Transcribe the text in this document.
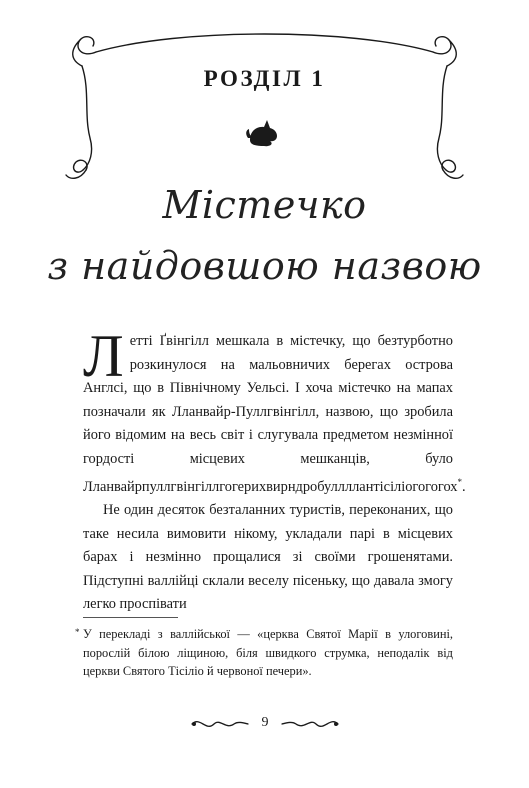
РОЗДІЛ 1
Містечко
з найдовшою назвою

Летті Ґвінгілл мешкала в містечку, що безтурботно розкинулося на мальовничих берегах острова Англсі, що в Північному Уельсі. І хоча містечко на мапах позначали як Лланвайр-Пуллгвінгілл, назвою, що зробила його відомим на весь світ і слугувала предметом незмінної гордості місцевих мешканців, було Лланвайрпуллгвінгіллгогерихвирндробуллллантісіліогогогох*.

Не один десяток безталанних туристів, переконаних, що таке несила вимовити нікому, укладали парі в місцевих барах і незмінно прощалися зі своїми грошенятами. Підступні валлійці склали веселу пісеньку, що давала змогу легко проспівати

* У перекладі з валлійської — «церква Святої Марії в улоговині, порослій білою ліщиною, біля швидкого струмка, неподалік від церкви Святого Тісіліо й червоної печери».
9
